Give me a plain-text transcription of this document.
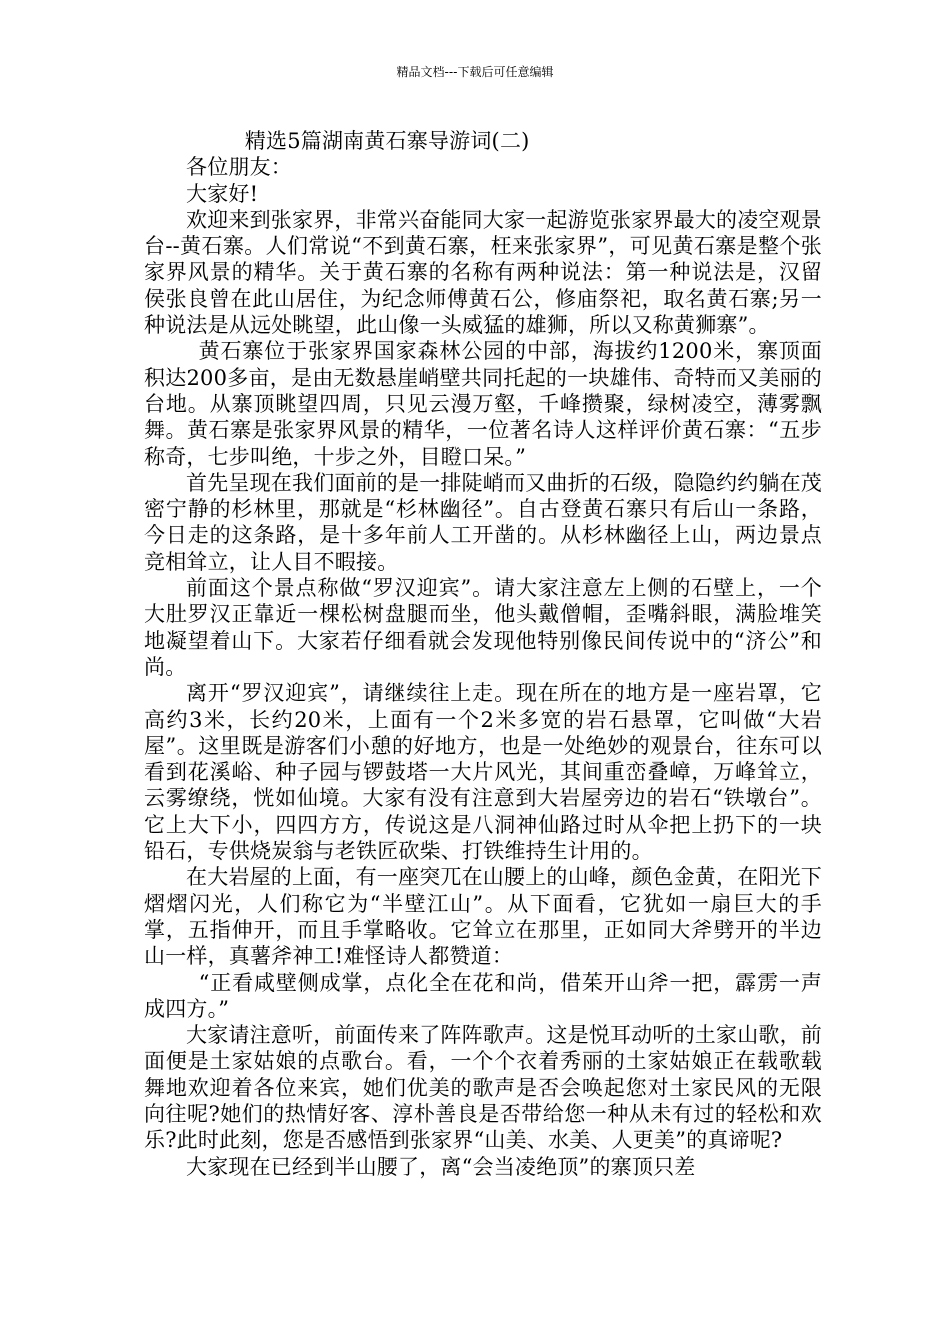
精品文档---下载后可任意编辑

精选5篇湖南黄石寨导游词(二)

各位朋友：

大家好!

欢迎来到张家界，非常兴奋能同大家一起游览张家界最大的凌空观景台--黄石寨。人们常说“不到黄石寨，枉来张家界”，可见黄石寨是整个张家界风景的精华。关于黄石寨的名称有两种说法：第一种说法是，汉留侯张良曾在此山居住，为纪念师傅黄石公，修庙祭祀，取名黄石寨;另一种说法是从远处眺望，此山像一头威猛的雄狮，所以又称黄狮寨”。

黄石寨位于张家界国家森林公园的中部，海拔约1200米，寨顶面积达200多亩，是由无数悬崖峭壁共同托起的一块雄伟、奇特而又美丽的台地。从寨顶眺望四周，只见云漫万壑，千峰攒聚，绿树凌空，薄雾飘舞。黄石寨是张家界风景的精华，一位著名诗人这样评价黄石寨：“五步称奇，七步叫绝，十步之外，目瞪口呆。”

首先呈现在我们面前的是一排陡峭而又曲折的石级，隐隐约约躺在茂密宁静的杉林里，那就是“杉林幽径”。自古登黄石寨只有后山一条路，今日走的这条路，是十多年前人工开凿的。从杉林幽径上山，两边景点竞相耸立，让人目不暇接。

前面这个景点称做“罗汉迎宾”。请大家注意左上侧的石壁上，一个大肚罗汉正靠近一棵松树盘腿而坐，他头戴僧帽，歪嘴斜眼，满脸堆笑地凝望着山下。大家若仔细看就会发现他特别像民间传说中的“济公”和尚。

离开“罗汉迎宾”，请继续往上走。现在所在的地方是一座岩罩，它高约3米，长约20米，上面有一个2米多宽的岩石悬罩，它叫做“大岩屋”。这里既是游客们小憩的好地方，也是一处绝妙的观景台，往东可以看到花溪峪、种子园与锣鼓塔一大片风光，其间重峦叠嶂，万峰耸立，云雾缭绕，恍如仙境。大家有没有注意到大岩屋旁边的岩石“铁墩台”。它上大下小，四四方方，传说这是八洞神仙路过时从伞把上扔下的一块铅石，专供烧炭翁与老铁匠砍柴、打铁维持生计用的。

在大岩屋的上面，有一座突兀在山腰上的山峰，颜色金黄，在阳光下熠熠闪光，人们称它为“半壁江山”。从下面看，它犹如一扇巨大的手掌，五指伸开，而且手掌略收。它耸立在那里，正如同大斧劈开的半边山一样，真薯斧神工!难怪诗人都赞道：

“正看咸壁侧成掌，点化全在花和尚，借茱开山斧一把，霹雳一声成四方。”

大家请注意听，前面传来了阵阵歌声。这是悦耳动听的土家山歌，前面便是土家姑娘的点歌台。看，一个个衣着秀丽的土家姑娘正在载歌载舞地欢迎着各位来宾，她们优美的歌声是否会唤起您对土家民风的无限向往呢?她们的热情好客、淳朴善良是否带给您一种从未有过的轻松和欢乐?此时此刻，您是否感悟到张家界“山美、水美、人更美”的真谛呢?

大家现在已经到半山腰了，离“会当凌绝顶”的寨顶只差
